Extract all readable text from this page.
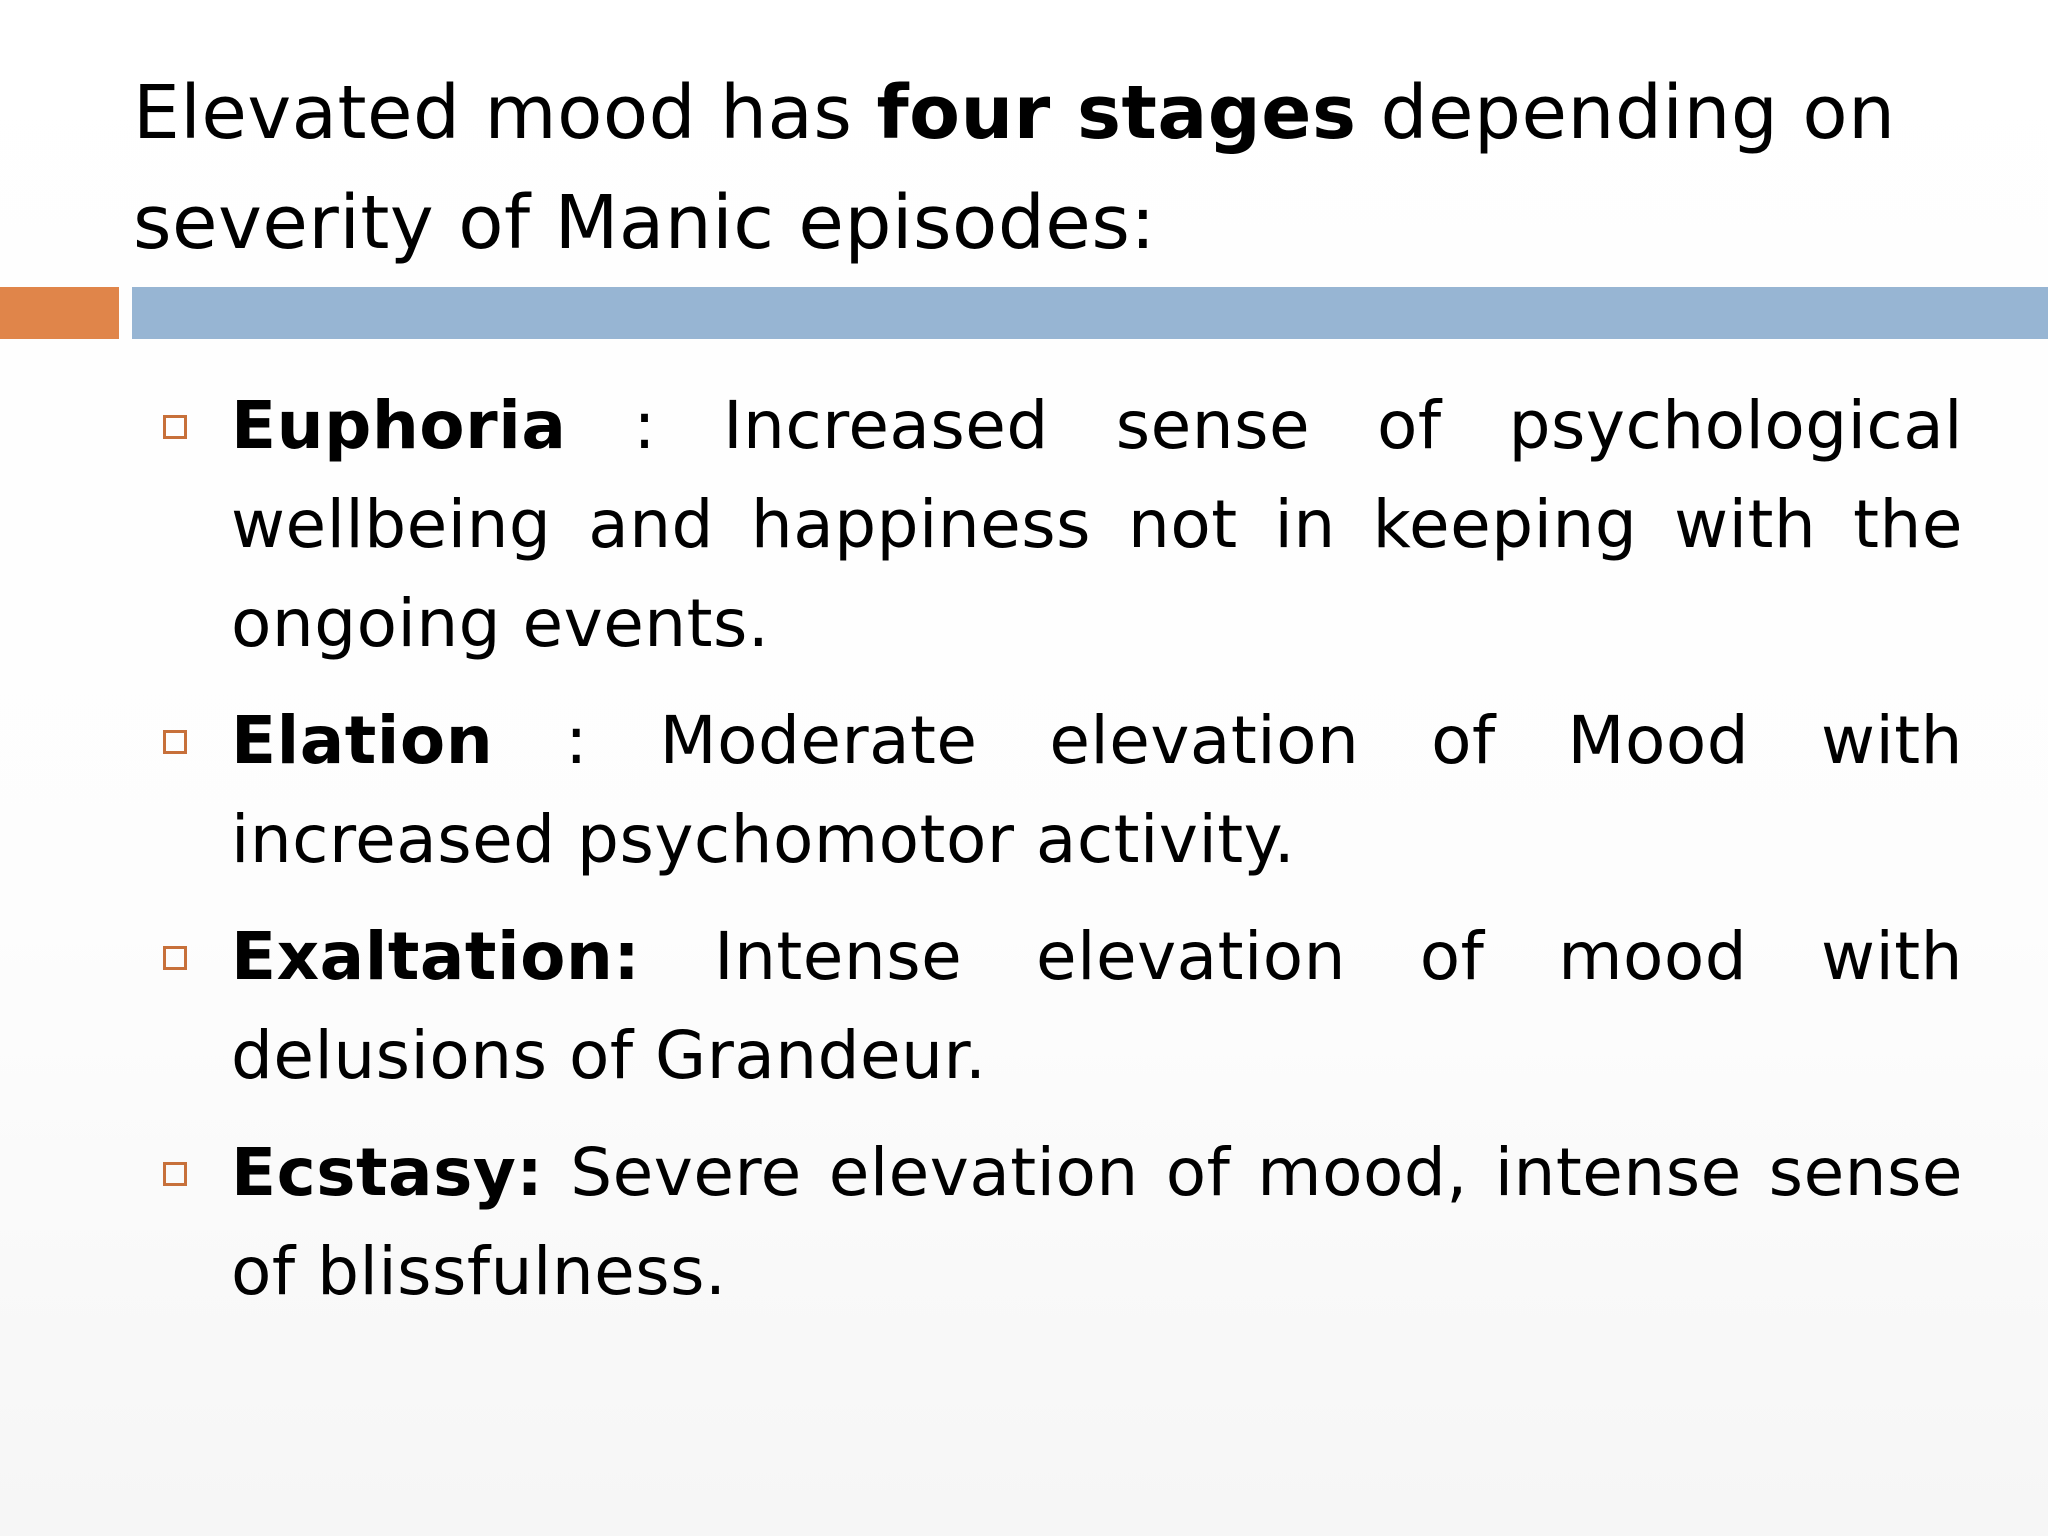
Elevated mood has four stages depending on severity of Manic episodes:
Euphoria : Increased sense of psychological wellbeing and happiness not in keeping with the ongoing events.
Elation : Moderate elevation of Mood with increased psychomotor activity.
Exaltation: Intense elevation of mood with delusions of Grandeur.
Ecstasy: Severe elevation of mood, intense sense of blissfulness.
